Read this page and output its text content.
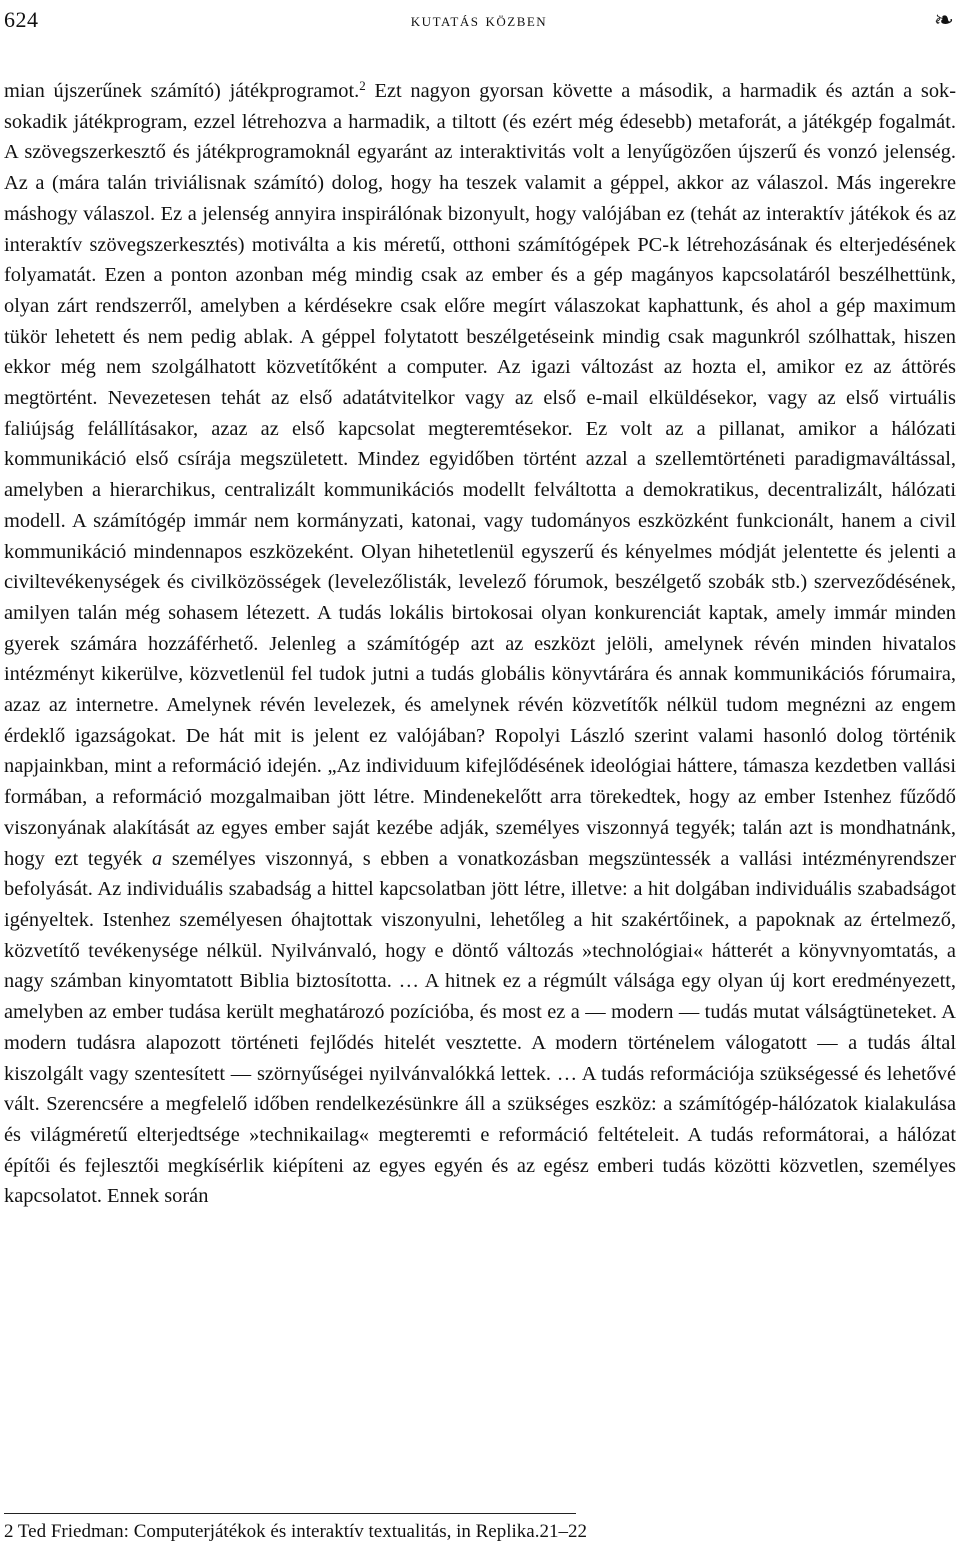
624	kutatás közben	❧

mian újszerűnek számító) játékprogramot.$^2$ Ezt nagyon gyorsan követte a második, a harmadik és aztán a sok-sokadik játékprogram, ezzel létrehozva a harmadik, a tiltott (és ezért még édesebb) metaforát, a játékgép fogalmát. A szövegszerkesztő és játékprogramoknál egyaránt az interaktivitás volt a lenyűgözően újszerű és vonzó jelenség. Az a (mára talán triviálisnak számító) dolog, hogy ha teszek valamit a géppel, akkor az válaszol. Más ingerekre máshogy válaszol. Ez a jelenség annyira inspirálónak bizonyult, hogy valójában ez (tehát az interaktív játékok és az interaktív szövegszerkesztés) motiválta a kis méretű, otthoni számítógépek PC-k létrehozásának és elterjedésének folyamatát. Ezen a ponton azonban még mindig csak az ember és a gép magányos kapcsolatáról beszélhettünk, olyan zárt rendszerről, amelyben a kérdésekre csak előre megírt válaszokat kaphattunk, és ahol a gép maximum tükör lehetett és nem pedig ablak. A géppel folytatott beszélgetéseink mindig csak magunkról szólhattak, hiszen ekkor még nem szolgálhatott közvetítőként a computer. Az igazi változást az hozta el, amikor ez az áttörés megtörtént. Nevezetesen tehát az első adatátvitelkor vagy az első e-mail elküldésekor, vagy az első virtuális faliújság felállításakor, azaz az első kapcsolat megteremtésekor. Ez volt az a pillanat, amikor a hálózati kommunikáció első csírája megszületett. Mindez egyidőben történt azzal a szellemtörténeti paradigmaváltással, amelyben a hierarchikus, centralizált kommunikációs modellt felváltotta a demokratikus, decentralizált, hálózati modell. A számítógép immár nem kormányzati, katonai, vagy tudományos eszközként funkcionált, hanem a civil kommunikáció mindennapos eszközeként. Olyan hihetetlenül egyszerű és kényelmes módját jelentette és jelenti a civiltevékenységek és civilközösségek (levelezőlisták, levelező fórumok, beszélgető szobák stb.) szerveződésének, amilyen talán még sohasem létezett. A tudás lokális birtokosai olyan konkurenciát kaptak, amely immár minden gyerek számára hozzáférhető. Jelenleg a számítógép azt az eszközt jelöli, amelynek révén minden hivatalos intézményt kikerülve, közvetlenül fel tudok jutni a tudás globális könyvtárára és annak kommunikációs fórumaira, azaz az internetre. Amelynek révén levelezek, és amelynek révén közvetítők nélkül tudom megnézni az engem érdeklő igazságokat. De hát mit is jelent ez valójában? Ropolyi László szerint valami hasonló dolog történik napjainkban, mint a reformáció idején. „Az individuum kifejlődésének ideológiai háttere, támasza kezdetben vallási formában, a reformáció mozgalmaiban jött létre. Mindenekelőtt arra törekedtek, hogy az ember Istenhez fűződő viszonyának alakítását az egyes ember saját kezébe adják, személyes viszonnyá tegyék; talán azt is mondhatnánk, hogy ezt tegyék a személyes viszonnyá, s ebben a vonatkozásban megszüntessék a vallási intézményrendszer befolyását. Az individuális szabadság a hittel kapcsolatban jött létre, illetve: a hit dolgában individuális szabadságot igényeltek. Istenhez személyesen óhajtottak viszonyulni, lehetőleg a hit szakértőinek, a papoknak az értelmező, közvetítő tevékenysége nélkül. Nyilvánvaló, hogy e döntő változás »technológiai« hátterét a könyvnyomtatás, a nagy számban kinyomtatott Biblia biztosította. … A hitnek ez a régmúlt válsága egy olyan új kort eredményezett, amelyben az ember tudása került meghatározó pozícióba, és most ez a — modern — tudás mutat válságtüneteket. A modern tudásra alapozott történeti fejlődés hitelét vesztette. A modern történelem válogatott — a tudás által kiszolgált vagy szentesített — szörnyűségei nyilvánvalókká lettek. … A tudás reformációja szükségessé és lehetővé vált. Szerencsére a megfelelő időben rendelkezésünkre áll a szükséges eszköz: a számítógép-hálózatok kialakulása és világméretű elterjedtsége »technikailag« megteremti e reformáció feltételeit. A tudás reformátorai, a hálózat építői és fejlesztői megkísérlik kiépíteni az egyes egyén és az egész emberi tudás közötti közvetlen, személyes kapcsolatot. Ennek során

2 Ted Friedman: Computerjátékok és interaktív textualitás, in Replika.21–22
